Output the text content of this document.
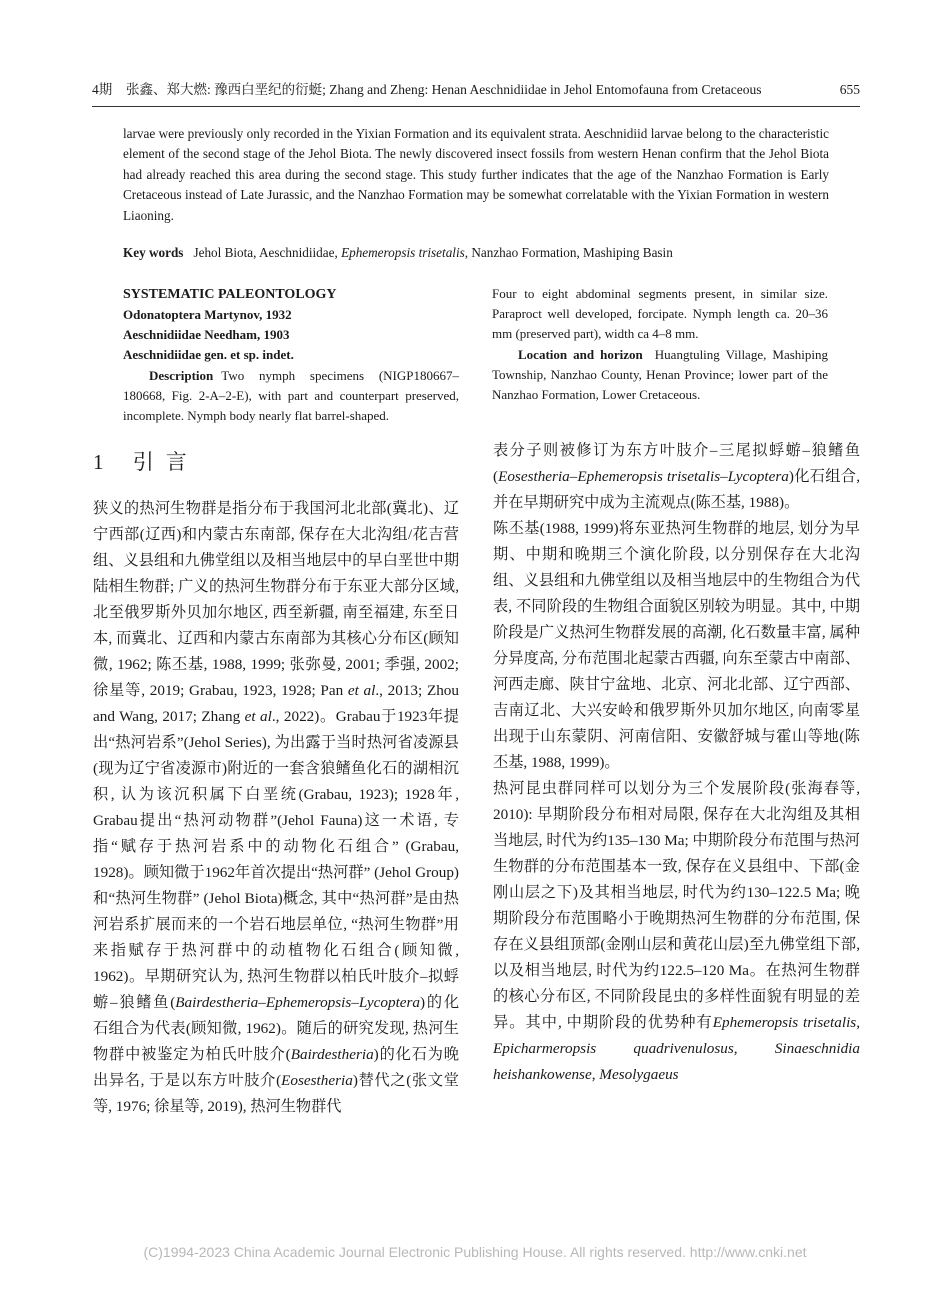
4期 张鑫、郑大燃: 豫西白垩纪的衍蜓; Zhang and Zheng: Henan Aeschnidiidae in Jehol Entomofauna from Cretaceous	655

larvae were previously only recorded in the Yixian Formation and its equivalent strata. Aeschnidiid larvae belong to the characteristic element of the second stage of the Jehol Biota. The newly discovered insect fossils from western Henan confirm that the Jehol Biota had already reached this area during the second stage. This study further indicates that the age of the Nanzhao Formation is Early Cretaceous instead of Late Jurassic, and the Nanzhao Formation may be somewhat correlatable with the Yixian Formation in western Liaoning.

Key words Jehol Biota, Aeschnidiidae, Ephemeropsis trisetalis, Nanzhao Formation, Mashiping Basin

SYSTEMATIC PALEONTOLOGY

Odonatoptera Martynov, 1932

Aeschnidiidae Needham, 1903

Aeschnidiidae gen. et sp. indet.

Description Two nymph specimens (NIGP180667–180668, Fig. 2-A–2-E), with part and counterpart preserved, incomplete. Nymph body nearly flat barrel-shaped.

Four to eight abdominal segments present, in similar size. Paraproct well developed, forcipate. Nymph length ca. 20–36 mm (preserved part), width ca 4–8 mm.

Location and horizon Huangtuling Village, Mashiping Township, Nanzhao County, Henan Province; lower part of the Nanzhao Formation, Lower Cretaceous.

1 引言

狭义的热河生物群是指分布于我国河北北部(冀北)、辽宁西部(辽西)和内蒙古东南部, 保存在大北沟组/花吉营组、义县组和九佛堂组以及相当地层中的早白垩世中期陆相生物群; 广义的热河生物群分布于东亚大部分区域, 北至俄罗斯外贝加尔地区, 西至新疆, 南至福建, 东至日本, 而冀北、辽西和内蒙古东南部为其核心分布区(顾知微, 1962; 陈丕基, 1988, 1999; 张弥曼, 2001; 季强, 2002; 徐星等, 2019; Grabau, 1923, 1928; Pan et al., 2013; Zhou and Wang, 2017; Zhang et al., 2022)。Grabau于1923年提出“热河岩系”(Jehol Series), 为出露于当时热河省凌源县(现为辽宁省凌源市)附近的一套含狼鳍鱼化石的湖相沉积, 认为该沉积属下白垩统(Grabau, 1923); 1928年, Grabau提出“热河动物群”(Jehol Fauna)这一术语, 专指“赋存于热河岩系中的动物化石组合” (Grabau, 1928)。顾知微于1962年首次提出“热河群” (Jehol Group)和“热河生物群” (Jehol Biota)概念, 其中“热河群”是由热河岩系扩展而来的一个岩石地层单位, “热河生物群”用来指赋存于热河群中的动植物化石组合(顾知微, 1962)。早期研究认为, 热河生物群以柏氏叶肢介–拟蜉蝣–狼鳍鱼(Bairdestheria–Ephemeropsis–Lycoptera)的化石组合为代表(顾知微, 1962)。随后的研究发现, 热河生物群中被鉴定为柏氏叶肢介(Bairdestheria)的化石为晚出异名, 于是以东方叶肢介(Eosestheria)替代之(张文堂等, 1976; 徐星等, 2019), 热河生物群代

表分子则被修订为东方叶肢介–三尾拟蜉蝣–狼鳍鱼(Eosestheria–Ephemeropsis trisetalis–Lycoptera)化石组合, 并在早期研究中成为主流观点(陈丕基, 1988)。

陈丕基(1988, 1999)将东亚热河生物群的地层, 划分为早期、中期和晚期三个演化阶段, 以分别保存在大北沟组、义县组和九佛堂组以及相当地层中的生物组合为代表, 不同阶段的生物组合面貌区别较为明显。其中, 中期阶段是广义热河生物群发展的高潮, 化石数量丰富, 属种分异度高, 分布范围北起蒙古西疆, 向东至蒙古中南部、河西走廊、陕甘宁盆地、北京、河北北部、辽宁西部、吉南辽北、大兴安岭和俄罗斯外贝加尔地区, 向南零星出现于山东蒙阴、河南信阳、安徽舒城与霍山等地(陈丕基, 1988, 1999)。

热河昆虫群同样可以划分为三个发展阶段(张海春等, 2010): 早期阶段分布相对局限, 保存在大北沟组及其相当地层, 时代为约135–130 Ma; 中期阶段分布范围与热河生物群的分布范围基本一致, 保存在义县组中、下部(金刚山层之下)及其相当地层, 时代为约130–122.5 Ma; 晚期阶段分布范围略小于晚期热河生物群的分布范围, 保存在义县组顶部(金刚山层和黄花山层)至九佛堂组下部, 以及相当地层, 时代为约122.5–120 Ma。在热河生物群的核心分布区, 不同阶段昆虫的多样性面貌有明显的差异。其中, 中期阶段的优势种有Ephemeropsis trisetalis, Epicharmeropsis quadrivenulosus, Sinaeschnidia heishankowense, Mesolygaeus

(C)1994-2023 China Academic Journal Electronic Publishing House. All rights reserved. http://www.cnki.net
